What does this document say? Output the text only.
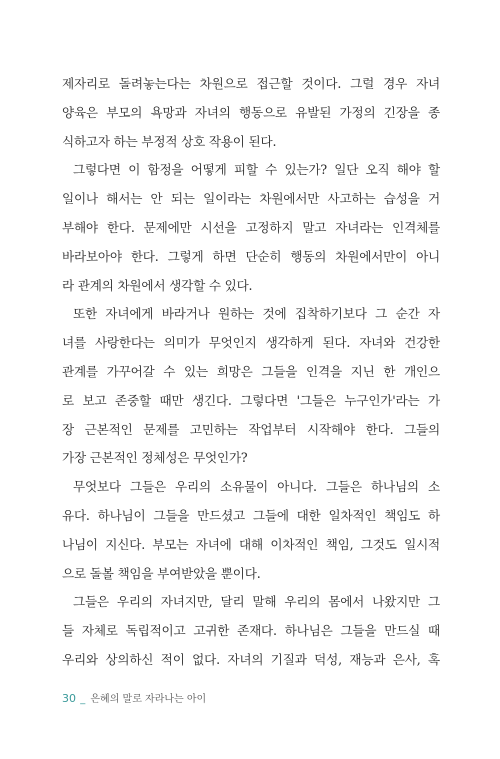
제자리로 돌려놓는다는 차원으로 접근할 것이다. 그럴 경우 자녀
양육은 부모의 욕망과 자녀의 행동으로 유발된 가정의 긴장을 종
식하고자 하는 부정적 상호 작용이 된다.
그렇다면 이 함정을 어떻게 피할 수 있는가? 일단 오직 해야 할
일이나 해서는 안 되는 일이라는 차원에서만 사고하는 습성을 거
부해야 한다. 문제에만 시선을 고정하지 말고 자녀라는 인격체를
바라보아야 한다. 그렇게 하면 단순히 행동의 차원에서만이 아니
라 관계의 차원에서 생각할 수 있다.
또한 자녀에게 바라거나 원하는 것에 집착하기보다 그 순간 자
녀를 사랑한다는 의미가 무엇인지 생각하게 된다. 자녀와 건강한
관계를 가꾸어갈 수 있는 희망은 그들을 인격을 지닌 한 개인으
로 보고 존중할 때만 생긴다. 그렇다면 '그들은 누구인가'라는 가
장 근본적인 문제를 고민하는 작업부터 시작해야 한다. 그들의
가장 근본적인 정체성은 무엇인가?
무엇보다 그들은 우리의 소유물이 아니다. 그들은 하나님의 소
유다. 하나님이 그들을 만드셨고 그들에 대한 일차적인 책임도 하
나님이 지신다. 부모는 자녀에 대해 이차적인 책임, 그것도 일시적
으로 돌볼 책임을 부여받았을 뿐이다.
그들은 우리의 자녀지만, 달리 말해 우리의 몸에서 나왔지만 그
들 자체로 독립적이고 고귀한 존재다. 하나님은 그들을 만드실 때
우리와 상의하신 적이 없다. 자녀의 기질과 덕성, 재능과 은사, 혹
30 _ 은혜의 말로 자라나는 아이
